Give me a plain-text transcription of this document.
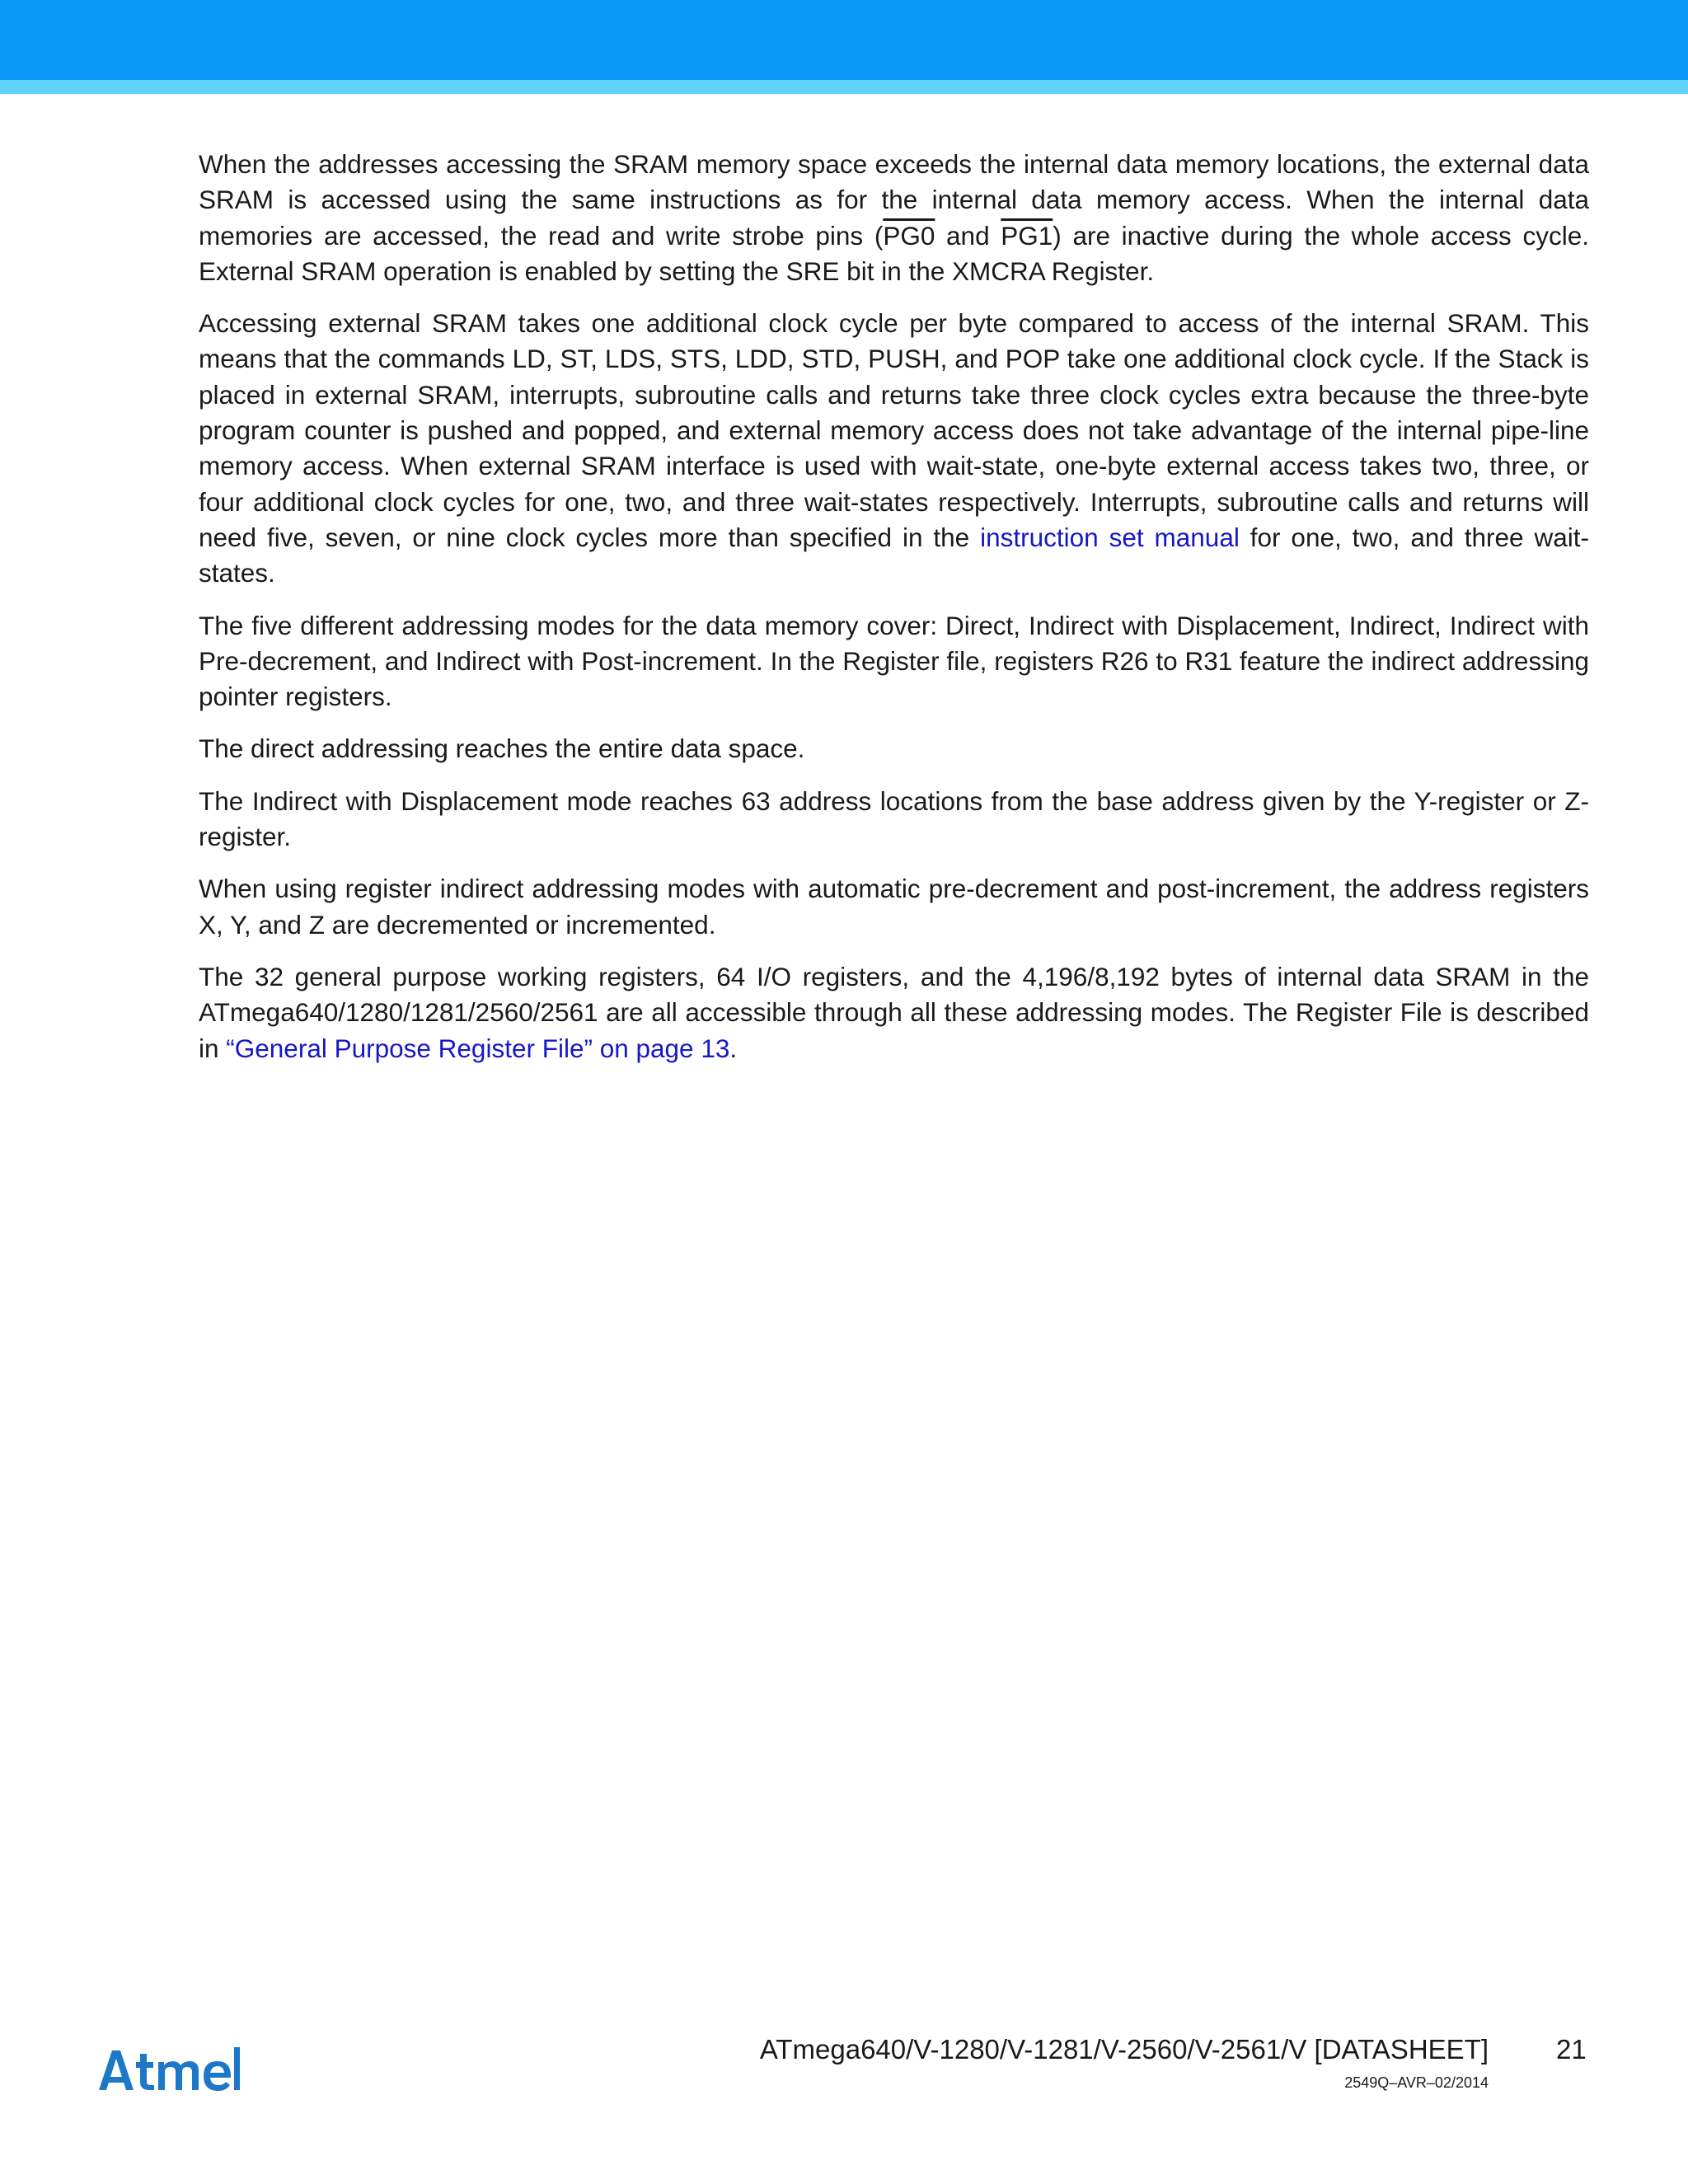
When the addresses accessing the SRAM memory space exceeds the internal data memory locations, the external data SRAM is accessed using the same instructions as for the internal data memory access. When the internal data memories are accessed, the read and write strobe pins (PG0 and PG1) are inactive during the whole access cycle. External SRAM operation is enabled by setting the SRE bit in the XMCRA Register.

Accessing external SRAM takes one additional clock cycle per byte compared to access of the internal SRAM. This means that the commands LD, ST, LDS, STS, LDD, STD, PUSH, and POP take one additional clock cycle. If the Stack is placed in external SRAM, interrupts, subroutine calls and returns take three clock cycles extra because the three-byte program counter is pushed and popped, and external memory access does not take advantage of the internal pipe-line memory access. When external SRAM interface is used with wait-state, one-byte external access takes two, three, or four additional clock cycles for one, two, and three wait-states respectively. Interrupts, subroutine calls and returns will need five, seven, or nine clock cycles more than specified in the instruction set manual for one, two, and three wait-states.

The five different addressing modes for the data memory cover: Direct, Indirect with Displacement, Indirect, Indirect with Pre-decrement, and Indirect with Post-increment. In the Register file, registers R26 to R31 feature the indirect addressing pointer registers.

The direct addressing reaches the entire data space.

The Indirect with Displacement mode reaches 63 address locations from the base address given by the Y-register or Z-register.

When using register indirect addressing modes with automatic pre-decrement and post-increment, the address registers X, Y, and Z are decremented or incremented.

The 32 general purpose working registers, 64 I/O registers, and the 4,196/8,192 bytes of internal data SRAM in the ATmega640/1280/1281/2560/2561 are all accessible through all these addressing modes. The Register File is described in “General Purpose Register File” on page 13.

ATmega640/V-1280/V-1281/V-2560/V-2561/V [DATASHEET] 21
2549Q–AVR–02/2014
